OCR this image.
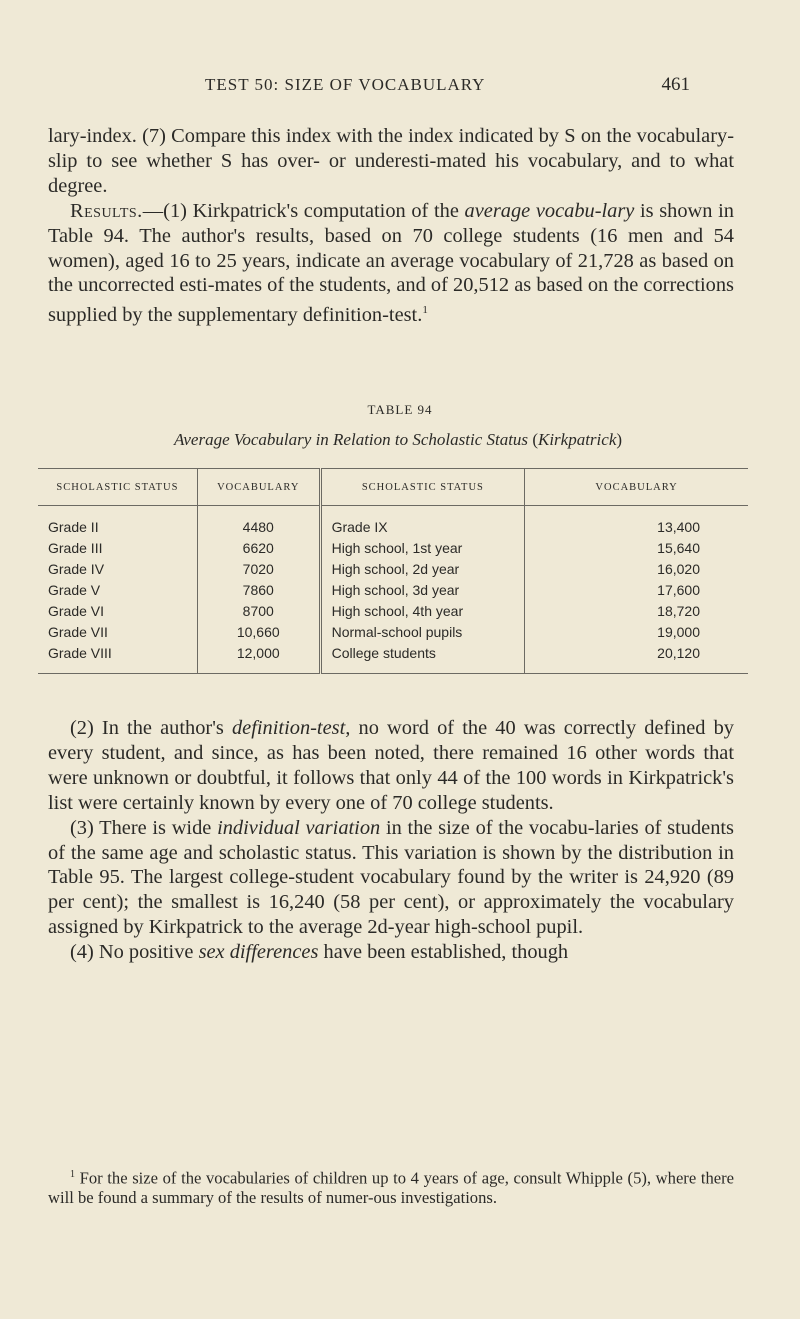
TEST 50: SIZE OF VOCABULARY	461

lary-index. (7) Compare this index with the index indicated by S on the vocabulary-slip to see whether S has over- or underesti-mated his vocabulary, and to what degree.

Results.—(1) Kirkpatrick's computation of the average vocabu-lary is shown in Table 94. The author's results, based on 70 college students (16 men and 54 women), aged 16 to 25 years, indicate an average vocabulary of 21,728 as based on the uncorrected esti-mates of the students, and of 20,512 as based on the corrections supplied by the supplementary definition-test.$^1$

TABLE 94
Average Vocabulary in Relation to Scholastic Status (Kirkpatrick)
SCHOLASTIC STATUS	VOCABULARY	SCHOLASTIC STATUS	VOCABULARY
Grade II	4480	Grade IX	13,400
Grade III	6620	High school, 1st year	15,640
Grade IV	7020	High school, 2d year	16,020
Grade V	7860	High school, 3d year	17,600
Grade VI	8700	High school, 4th year	18,720
Grade VII	10,660	Normal-school pupils	19,000
Grade VIII	12,000	College students	20,120

(2) In the author's definition-test, no word of the 40 was correctly defined by every student, and since, as has been noted, there remained 16 other words that were unknown or doubtful, it follows that only 44 of the 100 words in Kirkpatrick's list were certainly known by every one of 70 college students.

(3) There is wide individual variation in the size of the vocabu-laries of students of the same age and scholastic status. This variation is shown by the distribution in Table 95. The largest college-student vocabulary found by the writer is 24,920 (89 per cent); the smallest is 16,240 (58 per cent), or approximately the vocabulary assigned by Kirkpatrick to the average 2d-year high-school pupil.

(4) No positive sex differences have been established, though

$^1$ For the size of the vocabularies of children up to 4 years of age, consult Whipple (5), where there will be found a summary of the results of numer-ous investigations.
